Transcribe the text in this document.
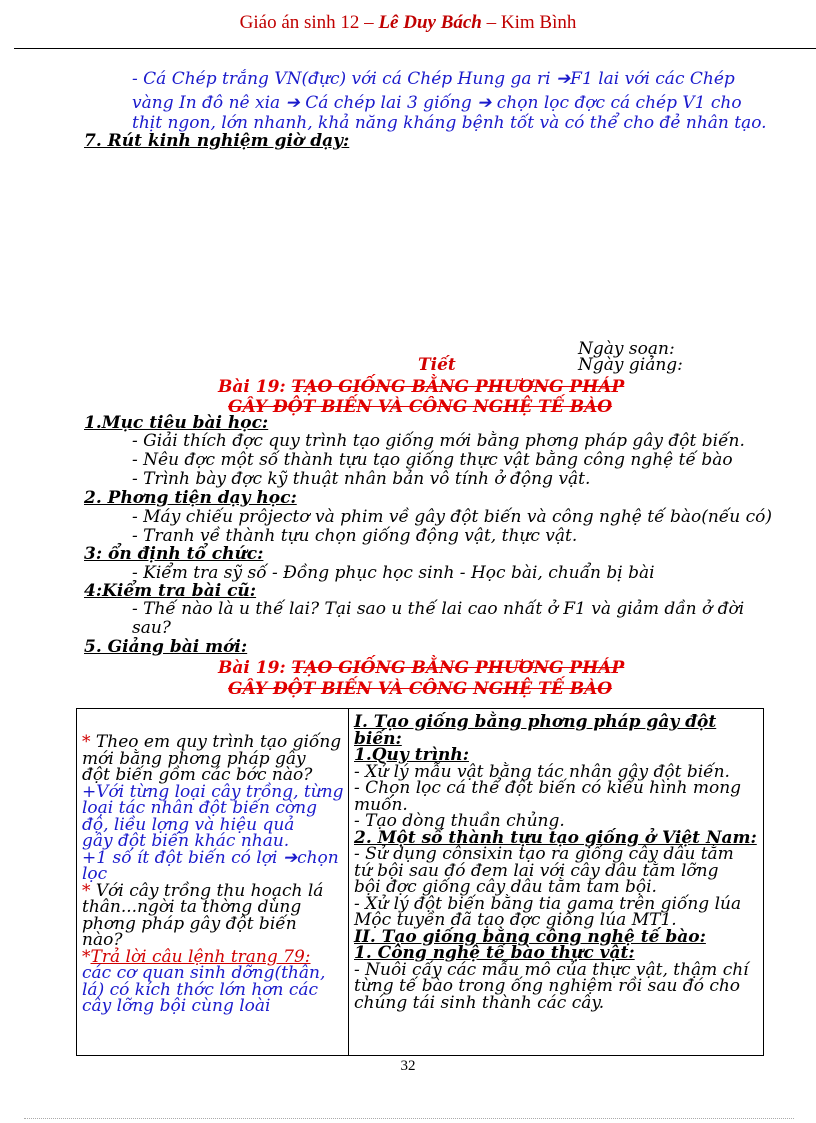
Giáo án sinh 12 – Lê Duy Bách – Kim Bình
- Cá Chép trắng VN(đực) với cá Chép Hung ga ri ➔F1 lai với các Chép
vàng In đô nê xia ➔ Cá chép lai 3 giống ➔ chọn lọc đợc cá chép V1 cho
thịt ngon, lớn nhanh, khả năng kháng bệnh tốt và có thể cho đẻ nhân tạo.
7. Rút kinh nghiệm giờ dạy:
Ngày soạn:
Tiết	Ngày giảng:
Bài 19: TẠO GIỐNG BẰNG PHƯƠNG PHÁP
GÂY ĐỘT BIẾN VÀ CÔNG NGHỆ TẾ BÀO
1.Mục tiêu bài học:
- Giải thích đợc quy trình tạo giống mới bằng phơng pháp gây đột biến.
- Nêu đợc một số thành tựu tạo giống thực vật bằng công nghệ tế bào
- Trình bày đợc kỹ thuật nhân bản vô tính ở động vật.
2. Phơng tiện dạy học:
- Máy chiếu prôjectơ và phim về gây đột biến và công nghệ tế bào(nếu có)
- Tranh về thành tựu chọn giống động vật, thực vật.
3: ổn định tổ chức:
- Kiểm tra sỹ số - Đồng phục học sinh - Học bài, chuẩn bị bài
4:Kiểm tra bài cũ:
- Thế nào là u thế lai? Tại sao u thế lai cao nhất ở F1 và giảm dần ở đời
sau?
5. Giảng bài mới:
Bài 19: TẠO GIỐNG BẰNG PHƯƠNG PHÁP
GÂY ĐỘT BIẾN VÀ CÔNG NGHỆ TẾ BÀO
* Theo em quy trình tạo giống
mới bằng phơng pháp gây
đột biến gồm các bớc nào?
+Với từng loại cây trồng, từng
loại tác nhân đột biến cờng
độ, liều lợng và hiệu quả
gây đột biến khác nhau.
+1 số ít đột biến có lợi ➔chọn
lọc
* Với cây trồng thu hoạch lá
thân...ngời ta thờng dùng
phơng pháp gây đột biến
nào?
*Trả lời câu lệnh trang 79:
các cơ quan sinh dỡng(thân,
lá) có kích thớc lớn hơn các
cây lỡng bội cùng loài
I. Tạo giống bằng phơng pháp gây đột
biến:
1.Quy trình:
- Xử lý mẫu vật bằng tác nhân gây đột biến.
- Chọn lọc cá thể đột biến có kiểu hình mong
muốn.
- Tạo dòng thuần chủng.
2. Một số thành tựu tạo giống ở Việt Nam:
- Sử dụng cônsixin tạo ra giống cây dâu tằm
tứ bội sau đó đem lai với cây dâu tằm lỡng
bội đợc giống cây dâu tằm tam bội.
- Xử lý đột biến bằng tia gama trên giống lúa
Mộc tuyền đã tạo đợc giống lúa MT1.
II. Tạo giống bằng công nghệ tế bào:
1. Công nghệ tế bào thực vật:
- Nuôi cấy các mẫu mô của thực vật, thậm chí
từng tế bào trong ống nghiệm rồi sau đó cho
chúng tái sinh thành các cây.
32
